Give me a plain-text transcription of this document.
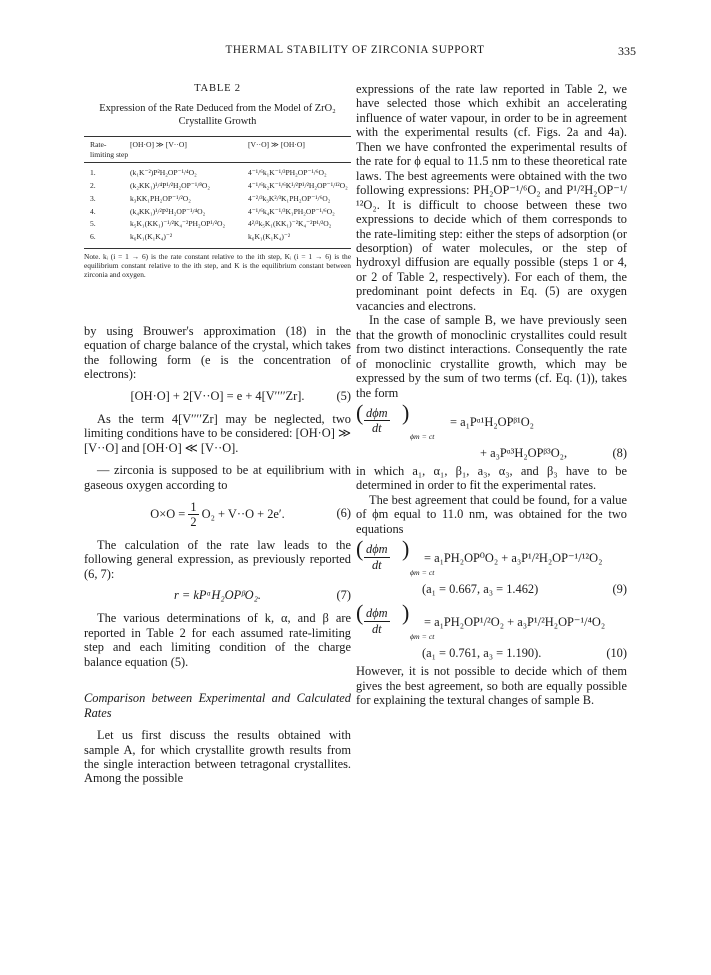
THERMAL STABILITY OF ZIRCONIA SUPPORT	335

TABLE 2

Expression of the Rate Deduced from the Model of ZrO₂ Crystallite Growth

Rate-limiting step	[OH·O] ≫ [V··O]	[V··O] ≫ [OH·O]
1.	(k₁K⁻²)P²H₂OP⁻¹/⁴O₂	4⁻¹/⁶k₁K⁻¹/³PH₂OP⁻¹/⁶O₂
2.	(k₂KK₁)¹/⁴P¹/²H₂OP⁻¹/⁸O₂	4⁻¹/⁶k₂K⁻¹/⁶K¹/²P¹/²H₂OP⁻¹/¹²O₂
3.	k₃KK₁PH₂OP⁻¹/²O₂	4⁻²/³k₃K²/³K₁PH₂OP⁻¹/⁶O₂
4.	(k₄KK₁)¹/²P²H₂OP⁻¹/⁴O₂	4⁻¹/⁶k₄K⁻¹/³K₁PH₂OP⁻¹/⁶O₂
5.	k₅K₁(KK₁)⁻¹/²K₄⁻²PH₂OP¹/²O₂	4²/³k₅K₁(KK₁)⁻²K₄⁻²P¹/²O₂
6.	k₆K₁(K₁K₄)⁻²	k₆K₁(K₁K₄)⁻²

Note. kᵢ (i = 1 → 6) is the rate constant relative to the ith step, Kᵢ (i = 1 → 6) is the equilibrium constant relative to the ith step, and K is the equilibrium constant between zirconia and oxygen.

by using Brouwer's approximation (18) in the equation of charge balance of the crystal, which takes the following form (e is the concentration of electrons):

[OH·O] + 2[V··O] = e + 4[V′′′′Zr].	(5)

As the term 4[V′′′′Zr] may be neglected, two limiting conditions have to be considered: [OH·O] ≫ [V··O] and [OH·O] ≪ [V··O].

— zirconia is supposed to be at equilibrium with gaseous oxygen according to

$O\times O = \frac{1}{2} O_2 + V\cdot\cdot O + 2e'$.	(6)

The calculation of the rate law leads to the following general expression, as previously reported (6, 7):

r = kPᵅH₂OPᵝO₂.	(7)

The various determinations of k, α, and β are reported in Table 2 for each assumed rate-limiting step and each limiting condition of the charge balance equation (5).

Comparison between Experimental and Calculated Rates

Let us first discuss the results obtained with sample A, for which crystallite growth results from the single interaction between tetragonal crystallites. Among the possible

expressions of the rate law reported in Table 2, we have selected those which exhibit an accelerating influence of water vapour, in order to be in agreement with the experimental results (cf. Figs. 2a and 4a). Then we have confronted the experimental results of the rate for ϕ equal to 11.5 nm to these theoretical rate laws. The best agreements were obtained with the two following expressions: PH₂OP⁻¹/⁶O₂ and P¹/²H₂OP⁻¹/¹²O₂. It is difficult to choose between these two expressions to decide which of them corresponds to the rate-limiting step: either the steps of adsorption (or desorption) of water molecules, or the step of hydroxyl diffusion are equally possible (steps 1 or 4, or 2 of Table 2, respectively). For each of them, the predominant point defects in Eq. (5) are oxygen vacancies and electrons.

In the case of sample B, we have previously seen that the growth of monoclinic crystallites could result from two distinct interactions. Consequently the rate of monoclinic crystallite growth, which may be expressed by the sum of two terms (cf. Eq. (1)), takes the form

( dϕm
dt
)
ϕm = ct
= a₁Pᵅ¹H₂OPᵝ¹O₂
+ a₃Pᵅ³H₂OPᵝ³O₂,	(8)

in which a₁, α₁, β₁, a₃, α₃, and β₃ have to be determined in order to fit the experimental rates.

The best agreement that could be found, for a value of ϕm equal to 11.0 nm, was obtained for the two equations

( dϕm
dt
)
ϕm = ct
= a₁PH₂OP⁰O₂ + a₃P¹/²H₂OP⁻¹/¹²O₂
(a₁ = 0.667, a₃ = 1.462)	(9)
( dϕm
dt
)
ϕm = ct
= a₁PH₂OP¹/²O₂ + a₃P¹/²H₂OP⁻¹/⁴O₂
(a₁ = 0.761, a₃ = 1.190).	(10)

However, it is not possible to decide which of them gives the best agreement, so both are equally possible for explaining the textural changes of sample B.
